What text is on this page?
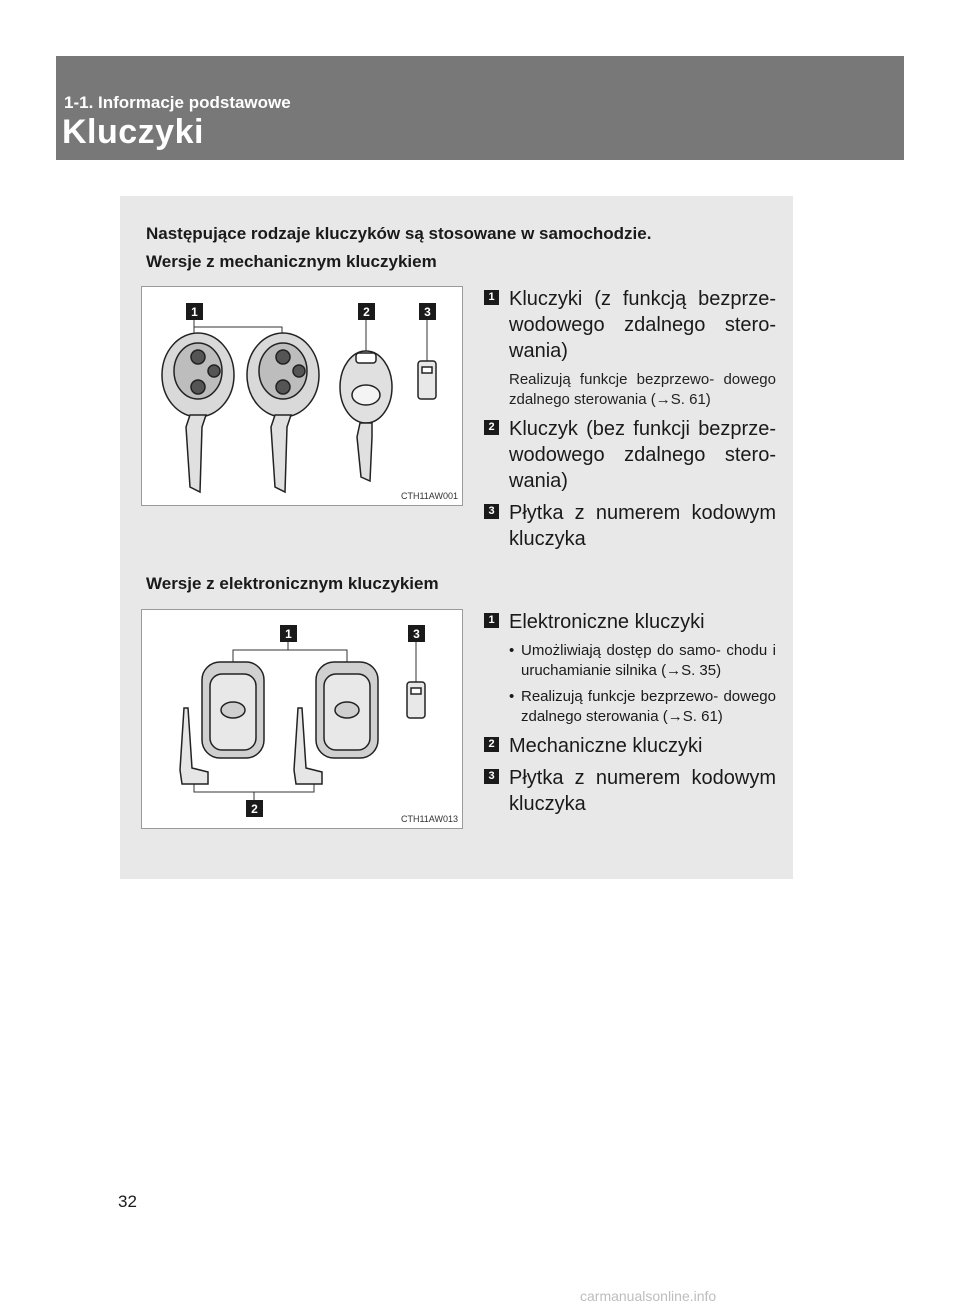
1-1. Informacje podstawowe
Kluczyki
Następujące rodzaje kluczyków są stosowane w samochodzie.
Wersje z mechanicznym kluczykiem
1	2	3
CTH11AW001
1 Kluczyki (z funkcją bezprze- wodowego zdalnego stero- wania)
Realizują funkcje bezprzewo- dowego zdalnego sterowania (→S. 61)
2 Kluczyk (bez funkcji bezprze- wodowego zdalnego stero- wania)
3 Płytka z numerem kodowym kluczyka
Wersje z elektronicznym kluczykiem
1	3
2
CTH11AW013
1 Elektroniczne kluczyki
• Umożliwiają dostęp do samo- chodu i uruchamianie silnika (→S. 35)
• Realizują funkcje bezprzewo- dowego zdalnego sterowania (→S. 61)
2 Mechaniczne kluczyki
3 Płytka z numerem kodowym kluczyka
32
carmanualsonline.info
